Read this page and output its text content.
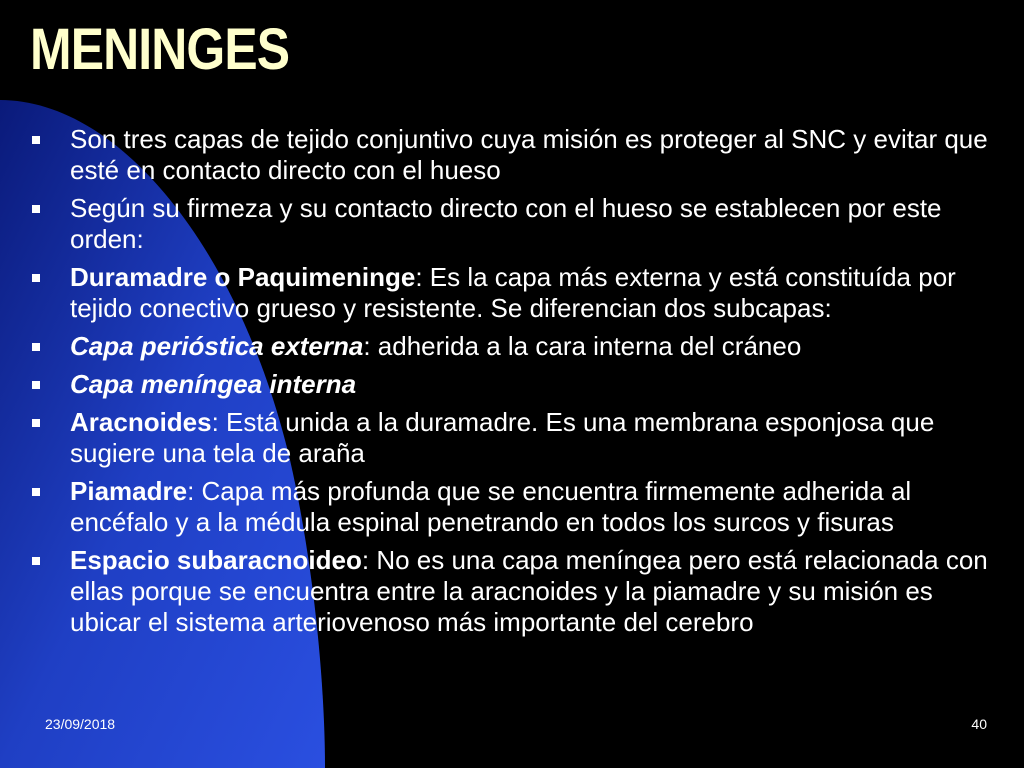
MENINGES
Son tres capas de tejido conjuntivo cuya misión es proteger al SNC y evitar que esté en contacto directo con el hueso
Según su firmeza y su contacto directo con el hueso se establecen por este orden:
Duramadre o Paquimeninge: Es la capa más externa y está constituída por tejido conectivo grueso y resistente. Se diferencian dos subcapas:
Capa perióstica externa: adherida a la cara interna del cráneo
Capa meníngea interna
Aracnoides: Está unida a la duramadre. Es una membrana esponjosa que sugiere una tela de araña
Piamadre: Capa más profunda que se encuentra firmemente adherida al encéfalo y a la médula espinal penetrando en todos los surcos y fisuras
Espacio subaracnoideo: No es una capa meníngea pero está relacionada con ellas porque se encuentra entre la aracnoides y la piamadre y su misión es ubicar el sistema arteriovenoso más importante del cerebro
23/09/2018	40
